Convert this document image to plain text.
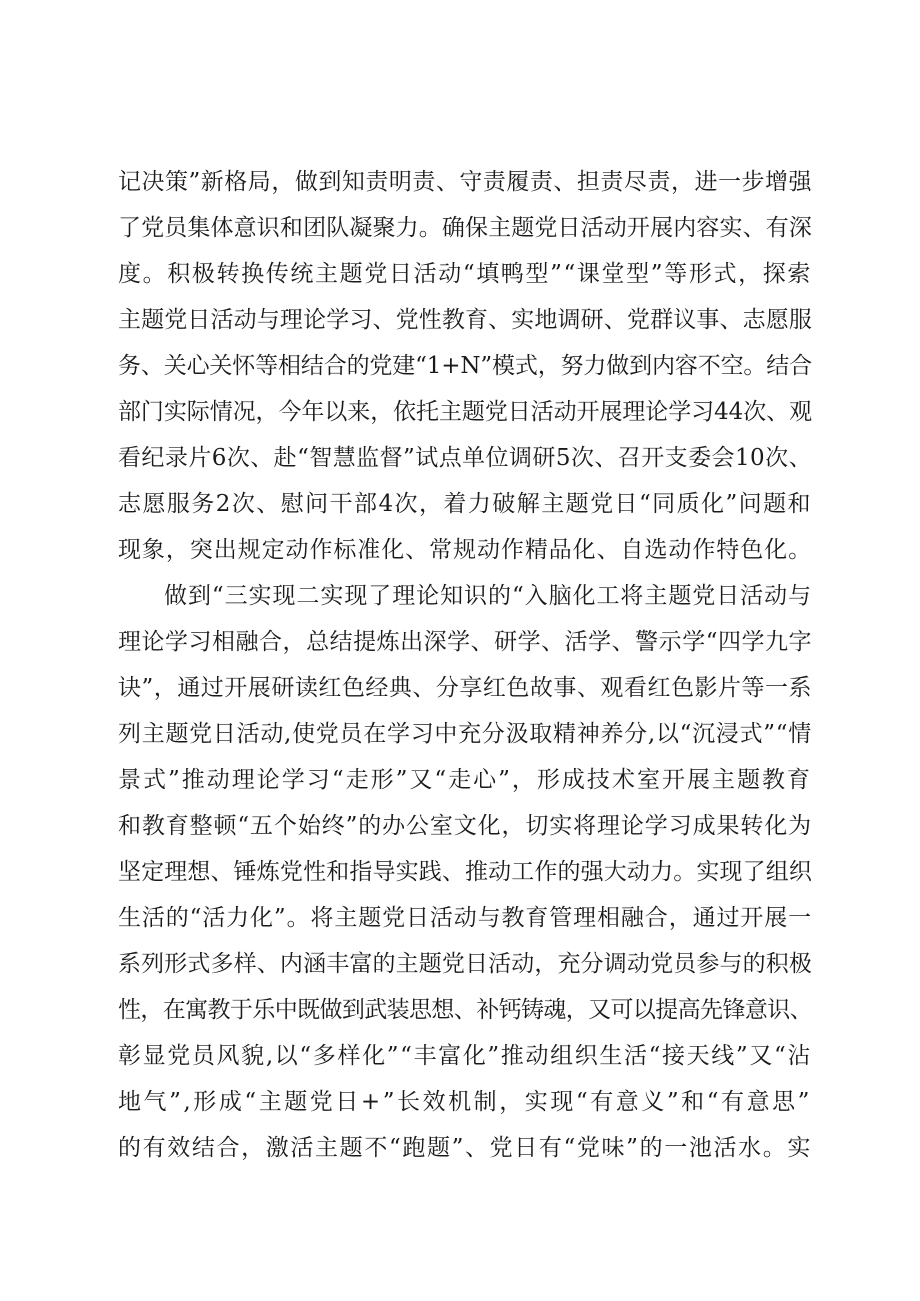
记决策”新格局，做到知责明责、守责履责、担责尽责，进一步增强
了党员集体意识和团队凝聚力。确保主题党日活动开展内容实、有深
度。积极转换传统主题党日活动“填鸭型”“课堂型”等形式，探索
主题党日活动与理论学习、党性教育、实地调研、党群议事、志愿服
务、关心关怀等相结合的党建“1+N”模式，努力做到内容不空。结合
部门实际情况，今年以来，依托主题党日活动开展理论学习44次、观
看纪录片6次、赴“智慧监督”试点单位调研5次、召开支委会10次、
志愿服务2次、慰问干部4次，着力破解主题党日“同质化”问题和
现象，突出规定动作标准化、常规动作精品化、自选动作特色化。
做到“三实现二实现了理论知识的“入脑化工将主题党日活动与
理论学习相融合，总结提炼出深学、研学、活学、警示学“四学九字
诀”，通过开展研读红色经典、分享红色故事、观看红色影片等一系
列主题党日活动,使党员在学习中充分汲取精神养分,以“沉浸式”“情
景式”推动理论学习“走形”又“走心”，形成技术室开展主题教育
和教育整顿“五个始终”的办公室文化，切实将理论学习成果转化为
坚定理想、锤炼党性和指导实践、推动工作的强大动力。实现了组织
生活的“活力化”。将主题党日活动与教育管理相融合，通过开展一
系列形式多样、内涵丰富的主题党日活动，充分调动党员参与的积极
性，在寓教于乐中既做到武装思想、补钙铸魂，又可以提高先锋意识、
彰显党员风貌,以“多样化”“丰富化”推动组织生活“接天线”又“沾
地气”,形成“主题党日+”长效机制，实现“有意义”和“有意思”
的有效结合，激活主题不“跑题”、党日有“党味”的一池活水。实
